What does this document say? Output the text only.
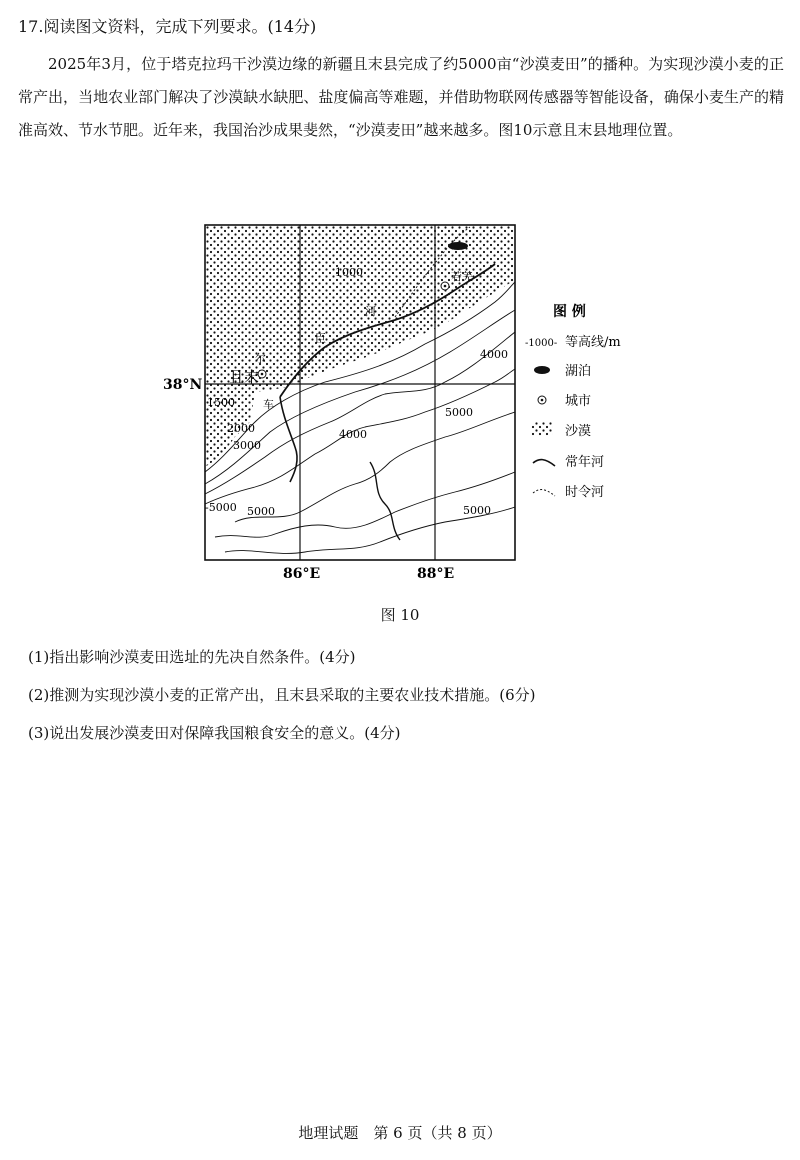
17.阅读图文资料，完成下列要求。(14分)
2025年3月，位于塔克拉玛干沙漠边缘的新疆且末县完成了约5000亩“沙漠麦田”的播种。为实现沙漠小麦的正常产出，当地农业部门解决了沙漠缺水缺肥、盐度偏高等难题，并借助物联网传感器等智能设备，确保小麦生产的精准高效、节水节肥。近年来，我国治沙成果斐然，“沙漠麦田”越来越多。图10示意且末县地理位置。
且末
若羌
尔
车
河
臣
1000
1500
2000
3000
4000
4000
5000
5000	5000
-5000
38°N
86°E	88°E
图 例
-1000- 等高线/m
湖泊
城市
沙漠
常年河
时令河
图 10
(1)指出影响沙漠麦田选址的先决自然条件。(4分)
(2)推测为实现沙漠小麦的正常产出，且末县采取的主要农业技术措施。(6分)
(3)说出发展沙漠麦田对保障我国粮食安全的意义。(4分)
地理试题　第 6 页（共 8 页）
